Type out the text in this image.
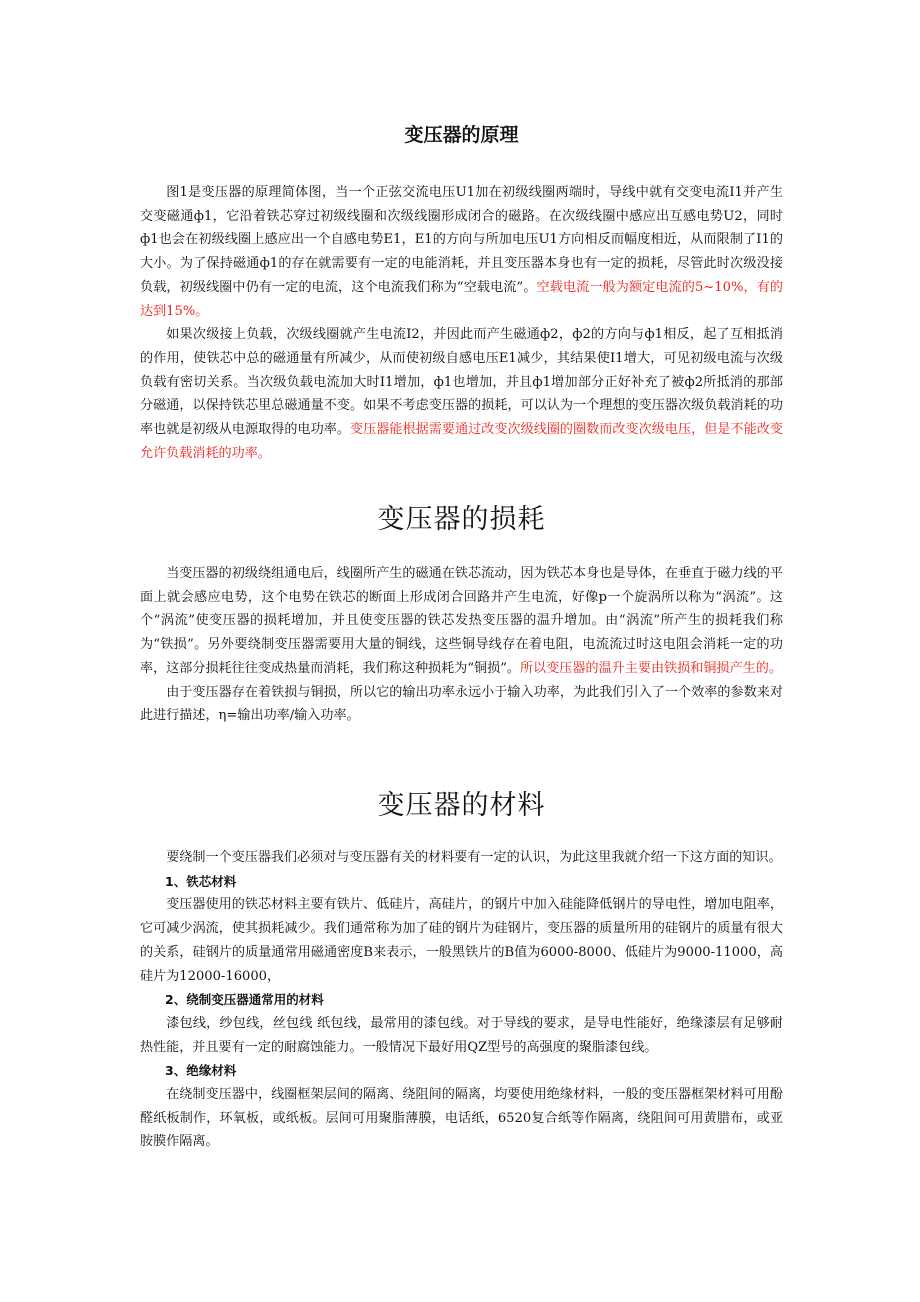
变压器的原理

图1是变压器的原理简体图，当一个正弦交流电压U1加在初级线圈两端时，导线中就有交变电流I1并产生交变磁通ф1，它沿着铁芯穿过初级线圈和次级线圈形成闭合的磁路。在次级线圈中感应出互感电势U2，同时ф1也会在初级线圈上感应出一个自感电势E1，E1的方向与所加电压U1方向相反而幅度相近，从而限制了I1的大小。为了保持磁通ф1的存在就需要有一定的电能消耗，并且变压器本身也有一定的损耗，尽管此时次级没接负载，初级线圈中仍有一定的电流，这个电流我们称为“空载电流”。空载电流一般为额定电流的5~10%，有的达到15%。

如果次级接上负载，次级线圈就产生电流I2，并因此而产生磁通ф2，ф2的方向与ф1相反，起了互相抵消的作用，使铁芯中总的磁通量有所减少，从而使初级自感电压E1减少，其结果使I1增大，可见初级电流与次级负载有密切关系。当次级负载电流加大时I1增加，ф1也增加，并且ф1增加部分正好补充了被ф2所抵消的那部分磁通，以保持铁芯里总磁通量不变。如果不考虑变压器的损耗，可以认为一个理想的变压器次级负载消耗的功率也就是初级从电源取得的电功率。变压器能根据需要通过改变次级线圈的圈数而改变次级电压，但是不能改变允许负载消耗的功率。

变压器的损耗

当变压器的初级绕组通电后，线圈所产生的磁通在铁芯流动，因为铁芯本身也是导体，在垂直于磁力线的平面上就会感应电势，这个电势在铁芯的断面上形成闭合回路并产生电流，好像p一个旋涡所以称为“涡流”。这个“涡流”使变压器的损耗增加，并且使变压器的铁芯发热变压器的温升增加。由“涡流”所产生的损耗我们称为“铁损”。另外要绕制变压器需要用大量的铜线，这些铜导线存在着电阻，电流流过时这电阻会消耗一定的功率，这部分损耗往往变成热量而消耗，我们称这种损耗为“铜损”。所以变压器的温升主要由铁损和铜损产生的。

由于变压器存在着铁损与铜损，所以它的输出功率永远小于输入功率，为此我们引入了一个效率的参数来对此进行描述，η=输出功率/输入功率。

变压器的材料

要绕制一个变压器我们必须对与变压器有关的材料要有一定的认识，为此这里我就介绍一下这方面的知识。

1、铁芯材料

变压器使用的铁芯材料主要有铁片、低硅片，高硅片，的钢片中加入硅能降低钢片的导电性，增加电阻率，它可减少涡流，使其损耗减少。我们通常称为加了硅的钢片为硅钢片，变压器的质量所用的硅钢片的质量有很大的关系，硅钢片的质量通常用磁通密度B来表示，一般黑铁片的B值为6000-8000、低硅片为9000-11000，高硅片为12000-16000，

2、绕制变压器通常用的材料

漆包线，纱包线，丝包线 纸包线，最常用的漆包线。对于导线的要求，是导电性能好，绝缘漆层有足够耐热性能，并且要有一定的耐腐蚀能力。一般情况下最好用QZ型号的高强度的聚脂漆包线。

3、绝缘材料

在绕制变压器中，线圈框架层间的隔离、绕阻间的隔离，均要使用绝缘材料，一般的变压器框架材料可用酚醛纸板制作，环氧板，或纸板。层间可用聚脂薄膜，电话纸，6520复合纸等作隔离，绕阻间可用黄腊布，或亚胺膜作隔离。
